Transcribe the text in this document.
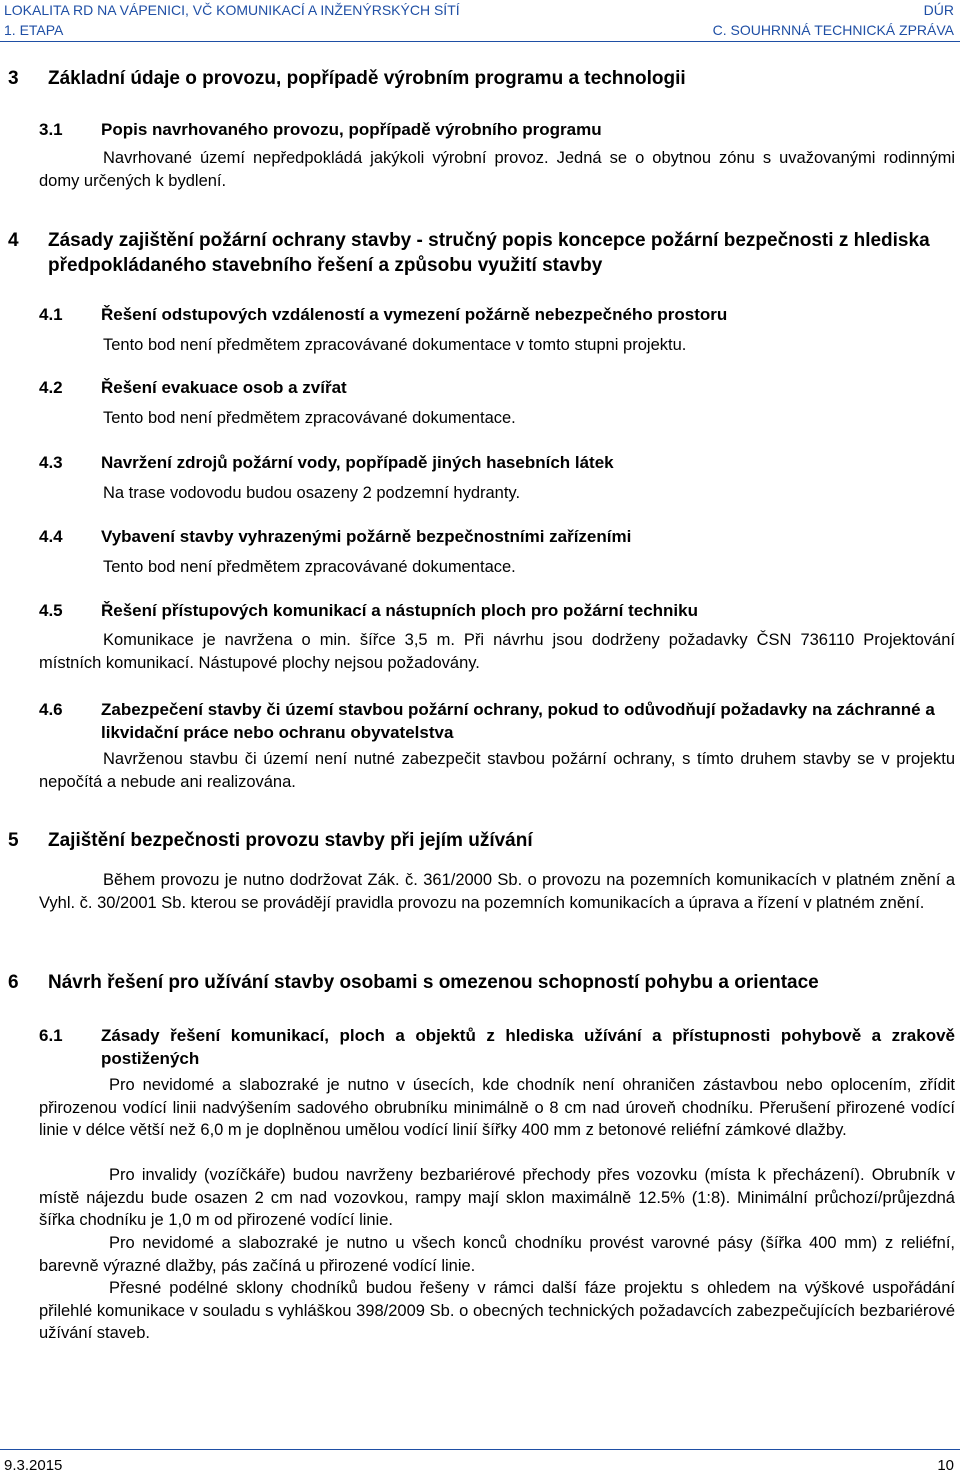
LOKALITA RD NA VÁPENICI, VČ KOMUNIKACÍ A INŽENÝRSKÝCH SÍTÍ	DÚR
1. ETAPA	C. SOUHRNNÁ TECHNICKÁ ZPRÁVA
3 Základní údaje o provozu, popřípadě výrobním programu a technologii
3.1 Popis navrhovaného provozu, popřípadě výrobního programu
Navrhované území nepředpokládá jakýkoli výrobní provoz. Jedná se o obytnou zónu s uvažovanými rodinnými domy určených k bydlení.
4 Zásady zajištění požární ochrany stavby - stručný popis koncepce požární bezpečnosti z hlediska předpokládaného stavebního řešení a způsobu využití stavby
4.1 Řešení odstupových vzdáleností a vymezení požárně nebezpečného prostoru
Tento bod není předmětem zpracovávané dokumentace v tomto stupni projektu.
4.2 Řešení evakuace osob a zvířat
Tento bod není předmětem zpracovávané dokumentace.
4.3 Navržení zdrojů požární vody, popřípadě jiných hasebních látek
Na trase vodovodu budou osazeny 2 podzemní hydranty.
4.4 Vybavení stavby vyhrazenými požárně bezpečnostními zařízeními
Tento bod není předmětem zpracovávané dokumentace.
4.5 Řešení přístupových komunikací a nástupních ploch pro požární techniku
Komunikace je navržena o min. šířce 3,5 m. Při návrhu jsou dodrženy požadavky ČSN 736110 Projektování místních komunikací. Nástupové plochy nejsou požadovány.
4.6 Zabezpečení stavby či území stavbou požární ochrany, pokud to odůvodňují požadavky na záchranné a likvidační práce nebo ochranu obyvatelstva
Navrženou stavbu či území není nutné zabezpečit stavbou požární ochrany, s tímto druhem stavby se v projektu nepočítá a nebude ani realizována.
5 Zajištění bezpečnosti provozu stavby při jejím užívání
Během provozu je nutno dodržovat Zák. č. 361/2000 Sb. o provozu na pozemních komunikacích v platném znění a Vyhl. č. 30/2001 Sb. kterou se provádějí pravidla provozu na pozemních komunikacích a úprava a řízení v platném znění.
6 Návrh řešení pro užívání stavby osobami s omezenou schopností pohybu a orientace
6.1 Zásady řešení komunikací, ploch a objektů z hlediska užívání a přístupnosti pohybově a zrakově postižených
Pro nevidomé a slabozraké je nutno v úsecích, kde chodník není ohraničen zástavbou nebo oplocením, zřídit přirozenou vodící linii nadvýšením sadového obrubníku minimálně o 8 cm nad úroveň chodníku. Přerušení přirozené vodící linie v délce větší než 6,0 m je doplněnou umělou vodící linií šířky 400 mm z betonové reliéfní zámkové dlažby.
Pro invalidy (vozíčkáře) budou navrženy bezbariérové přechody přes vozovku (místa k přecházení). Obrubník v místě nájezdu bude osazen 2 cm nad vozovkou, rampy mají sklon maximálně 12.5% (1:8). Minimální průchozí/průjezdná šířka chodníku je 1,0 m od přirozené vodící linie.
Pro nevidomé a slabozraké je nutno u všech konců chodníku provést varovné pásy (šířka 400 mm) z reliéfní, barevně výrazné dlažby, pás začíná u přirozené vodící linie.
Přesné podélné sklony chodníků budou řešeny v rámci další fáze projektu s ohledem na výškové uspořádání přilehlé komunikace v souladu s vyhláškou 398/2009 Sb. o obecných technických požadavcích zabezpečujících bezbariérové užívání staveb.
9.3.2015	10
